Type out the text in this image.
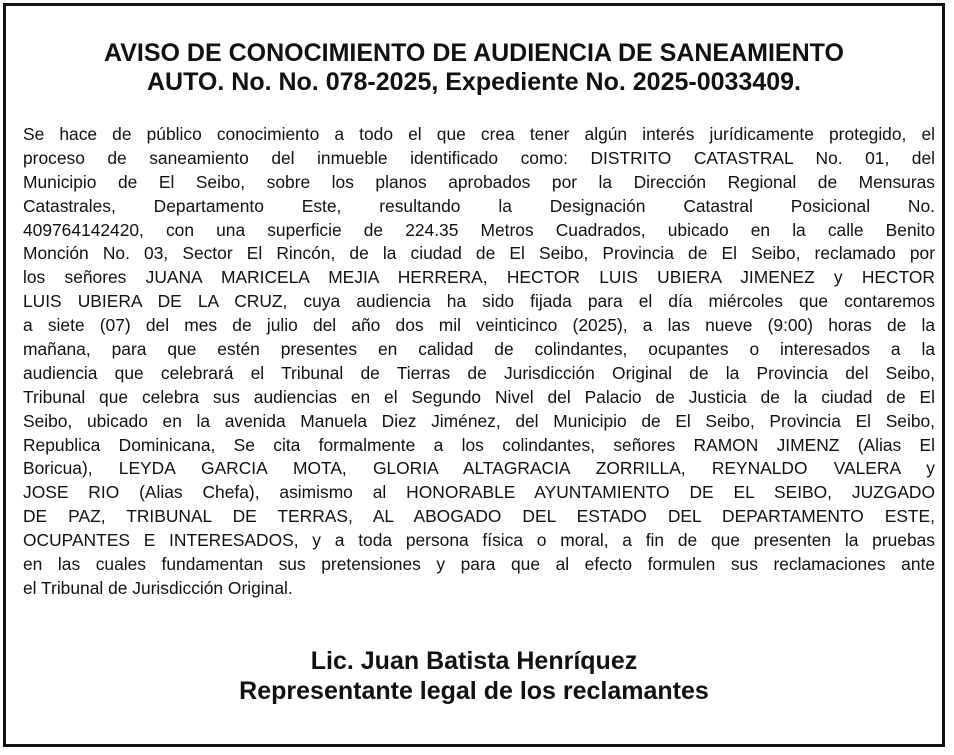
AVISO DE CONOCIMIENTO DE AUDIENCIA DE SANEAMIENTO
AUTO. No. No. 078-2025, Expediente No. 2025-0033409.
Se hace de público conocimiento a todo el que crea tener algún interés jurídicamente protegido, el
proceso de saneamiento del inmueble identificado como: DISTRITO CATASTRAL No. 01, del
Municipio de El Seibo, sobre los planos aprobados por la Dirección Regional de Mensuras
Catastrales, Departamento Este, resultando la Designación Catastral Posicional No.
409764142420, con una superficie de 224.35 Metros Cuadrados, ubicado en la calle Benito
Monción No. 03, Sector El Rincón, de la ciudad de El Seibo, Provincia de El Seibo, reclamado por
los señores JUANA MARICELA MEJIA HERRERA, HECTOR LUIS UBIERA JIMENEZ y HECTOR
LUIS UBIERA DE LA CRUZ, cuya audiencia ha sido fijada para el día miércoles que contaremos
a siete (07) del mes de julio del año dos mil veinticinco (2025), a las nueve (9:00) horas de la
mañana, para que estén presentes en calidad de colindantes, ocupantes o interesados a la
audiencia que celebrará el Tribunal de Tierras de Jurisdicción Original de la Provincia del Seibo,
Tribunal que celebra sus audiencias en el Segundo Nivel del Palacio de Justicia de la ciudad de El
Seibo, ubicado en la avenida Manuela Diez Jiménez, del Municipio de El Seibo, Provincia El Seibo,
Republica Dominicana, Se cita formalmente a los colindantes, señores RAMON JIMENZ (Alias El
Boricua), LEYDA GARCIA MOTA, GLORIA ALTAGRACIA ZORRILLA, REYNALDO VALERA y
JOSE RIO (Alias Chefa), asimismo al HONORABLE AYUNTAMIENTO DE EL SEIBO, JUZGADO
DE PAZ, TRIBUNAL DE TERRAS, AL ABOGADO DEL ESTADO DEL DEPARTAMENTO ESTE,
OCUPANTES E INTERESADOS, y a toda persona física o moral, a fin de que presenten la pruebas
en las cuales fundamentan sus pretensiones y para que al efecto formulen sus reclamaciones ante
el Tribunal de Jurisdicción Original.
Lic. Juan Batista Henríquez
Representante legal de los reclamantes
